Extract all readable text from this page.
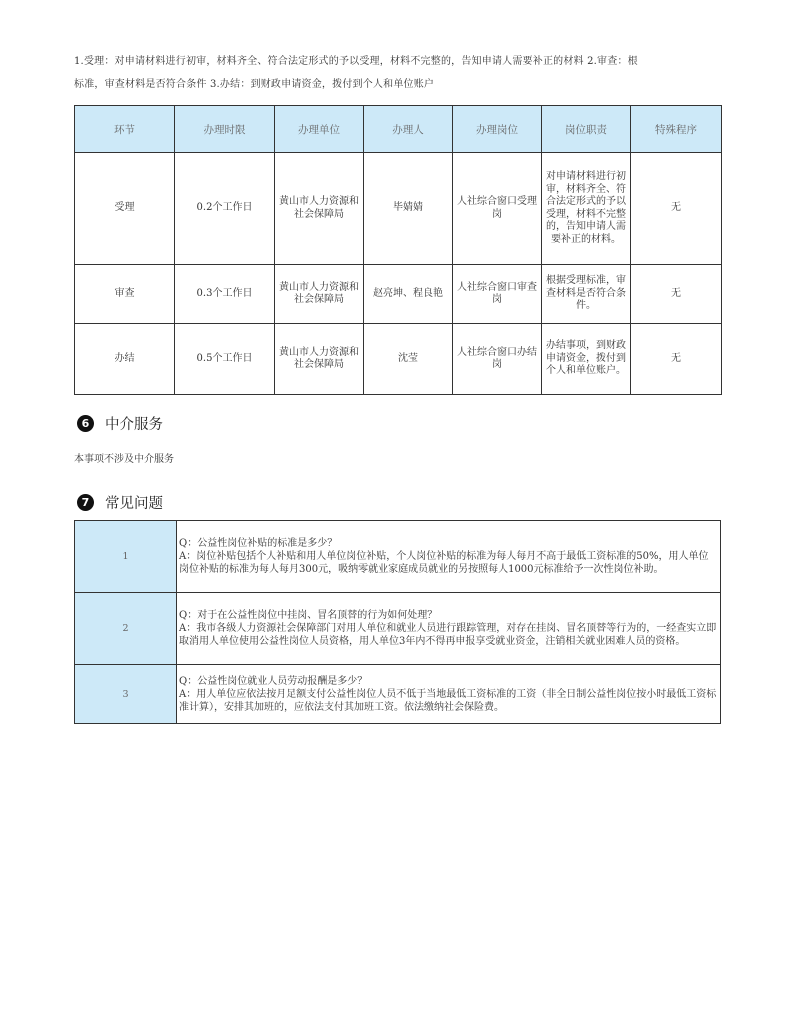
1.受理：对申请材料进行初审，材料齐全、符合法定形式的予以受理，材料不完整的，告知申请人需要补正的材料 2.审查：根
标准，审查材料是否符合条件 3.办结：到财政申请资金，拨付到个人和单位账户
环节	办理时限	办理单位	办理人	办理岗位	岗位职责	特殊程序
受理	0.2个工作日	黄山市人力资源和社会保障局	毕婧婧	人社综合窗口受理岗	对申请材料进行初审，材料齐全、符合法定形式的予以受理，材料不完整的，告知申请人需要补正的材料。	无
审查	0.3个工作日	黄山市人力资源和社会保障局	赵亮坤、程良艳	人社综合窗口审查岗	根据受理标准，审查材料是否符合条件。	无
办结	0.5个工作日	黄山市人力资源和社会保障局	沈莹	人社综合窗口办结岗	办结事项，到财政申请资金，拨付到个人和单位账户。	无
6	中介服务
本事项不涉及中介服务
7	常见问题
1	Q：公益性岗位补贴的标准是多少？

A：岗位补贴包括个人补贴和用人单位岗位补贴，个人岗位补贴的标准为每人每月不高于最低工资标准的50%，用人单位岗位补贴的标准为每人每月300元，吸纳零就业家庭成员就业的另按照每人1000元标准给予一次性岗位补助。

2	Q：对于在公益性岗位中挂岗、冒名顶替的行为如何处理？

A：我市各级人力资源社会保障部门对用人单位和就业人员进行跟踪管理，对存在挂岗、冒名顶替等行为的，一经查实立即取消用人单位使用公益性岗位人员资格，用人单位3年内不得再申报享受就业资金，注销相关就业困难人员的资格。

3	Q：公益性岗位就业人员劳动报酬是多少？

A：用人单位应依法按月足额支付公益性岗位人员不低于当地最低工资标准的工资（非全日制公益性岗位按小时最低工资标准计算），安排其加班的，应依法支付其加班工资。依法缴纳社会保险费。
